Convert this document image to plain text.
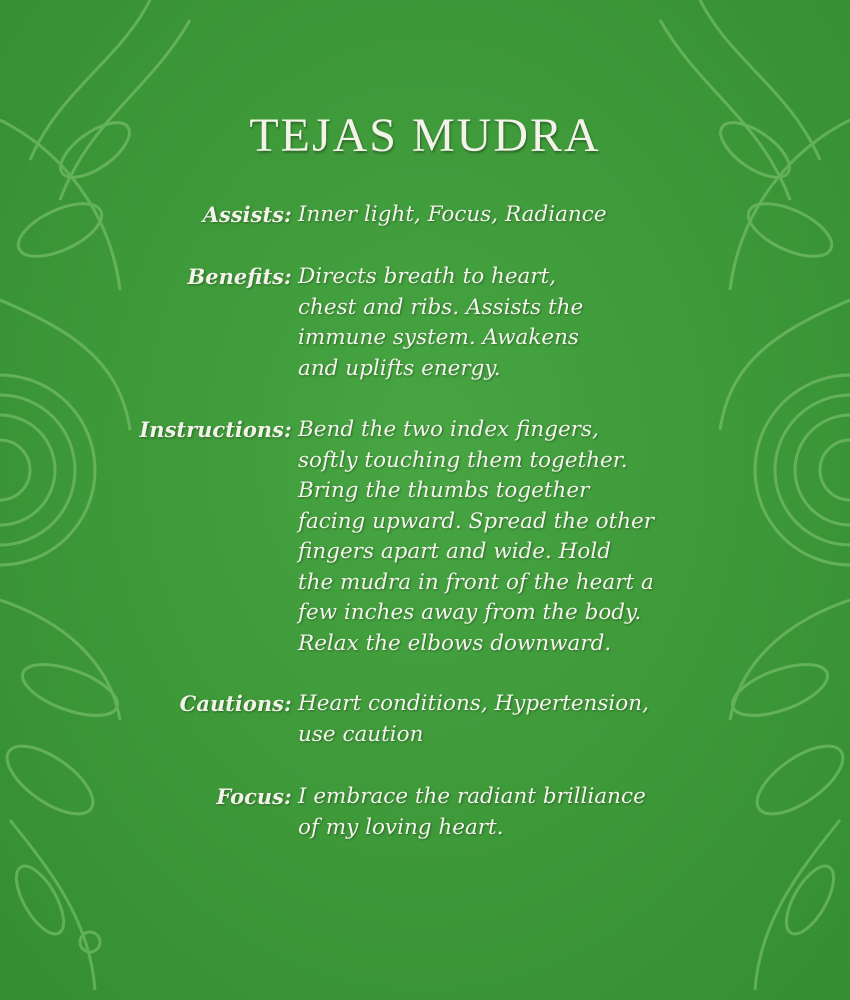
TEJAS MUDRA
Assists : Inner light, Focus, Radiance
Benefits : Directs breath to heart,
chest and ribs. Assists the
immune system. Awakens
and uplifts energy.
Instructions : Bend the two index fingers,
softly touching them together.
Bring the thumbs together
facing upward. Spread the other
fingers apart and wide. Hold
the mudra in front of the heart a
few inches away from the body.
Relax the elbows downward.
Cautions : Heart conditions, Hypertension,
use caution
Focus : I embrace the radiant brilliance
of my loving heart.
